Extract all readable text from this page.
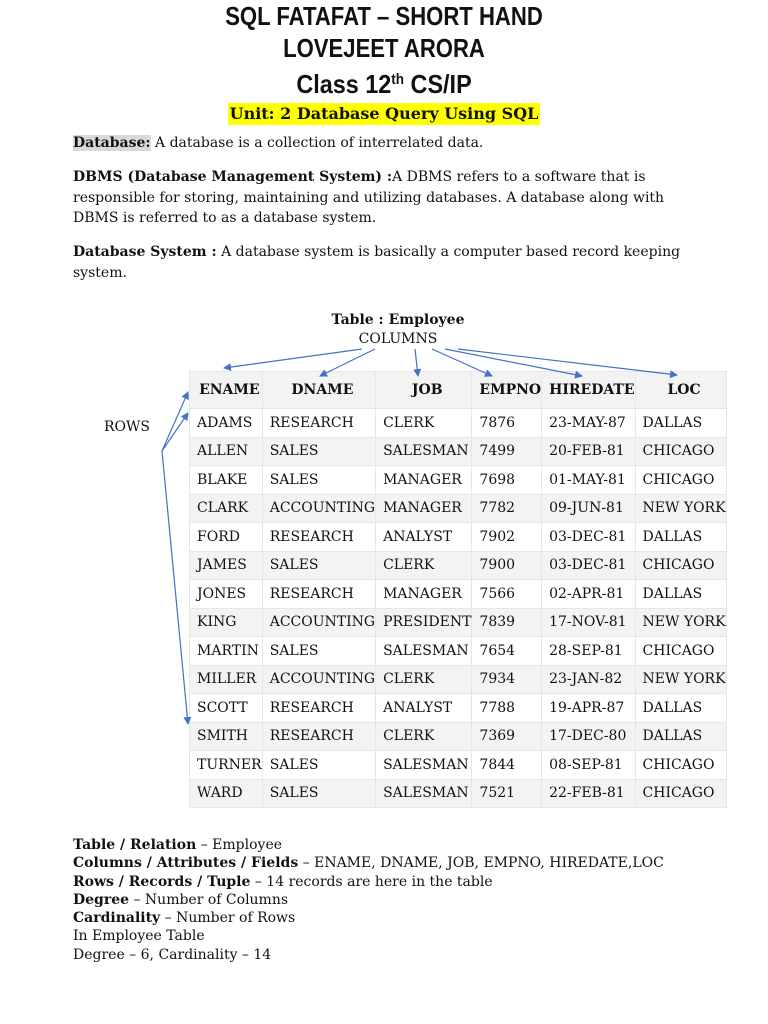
SQL FATAFAT – SHORT HAND
LOVEJEET ARORA
Class 12th CS/IP
Unit: 2 Database Query Using SQL
Database: A database is a collection of interrelated data.
DBMS (Database Management System) :A DBMS refers to a software that is responsible for storing, maintaining and utilizing databases. A database along with DBMS is referred to as a database system.
Database System : A database system is basically a computer based record keeping system.
Table : Employee
COLUMNS
ROWS
ENAME	DNAME	JOB	EMPNO	HIREDATE	LOC
ADAMS	RESEARCH	CLERK	7876	23-MAY-87	DALLAS
ALLEN	SALES	SALESMAN	7499	20-FEB-81	CHICAGO
BLAKE	SALES	MANAGER	7698	01-MAY-81	CHICAGO
CLARK	ACCOUNTING	MANAGER	7782	09-JUN-81	NEW YORK
FORD	RESEARCH	ANALYST	7902	03-DEC-81	DALLAS
JAMES	SALES	CLERK	7900	03-DEC-81	CHICAGO
JONES	RESEARCH	MANAGER	7566	02-APR-81	DALLAS
KING	ACCOUNTING	PRESIDENT	7839	17-NOV-81	NEW YORK
MARTIN	SALES	SALESMAN	7654	28-SEP-81	CHICAGO
MILLER	ACCOUNTING	CLERK	7934	23-JAN-82	NEW YORK
SCOTT	RESEARCH	ANALYST	7788	19-APR-87	DALLAS
SMITH	RESEARCH	CLERK	7369	17-DEC-80	DALLAS
TURNER	SALES	SALESMAN	7844	08-SEP-81	CHICAGO
WARD	SALES	SALESMAN	7521	22-FEB-81	CHICAGO
Table / Relation – Employee
Columns / Attributes / Fields – ENAME, DNAME, JOB, EMPNO, HIREDATE,LOC
Rows / Records / Tuple – 14 records are here in the table
Degree – Number of Columns
Cardinality – Number of Rows
In Employee Table
Degree – 6, Cardinality – 14
